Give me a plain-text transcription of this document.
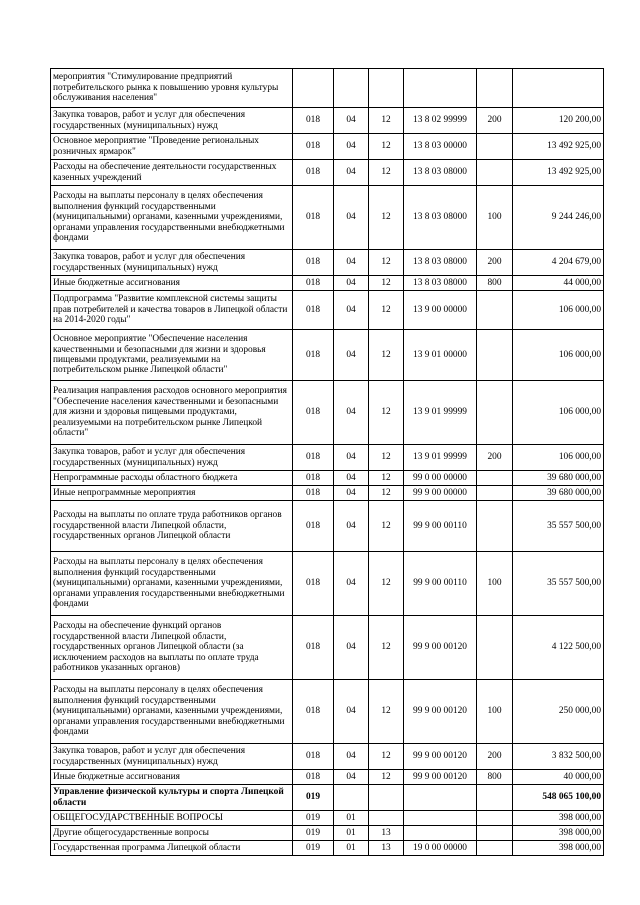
мероприятия "Стимулирование предприятий потребительского рынка к повышению уровня культуры обслуживания населения"						
Закупка товаров, работ и услуг для обеспечения государственных (муниципальных) нужд	018	04	12	13 8 02 99999	200	120 200,00
Основное мероприятие "Проведение региональных розничных ярмарок"	018	04	12	13 8 03 00000		13 492 925,00
Расходы на обеспечение деятельности государственных казенных учреждений	018	04	12	13 8 03 08000		13 492 925,00
Расходы на выплаты персоналу в целях обеспечения выполнения функций государственными (муниципальными) органами, казенными учреждениями, органами управления государственными внебюджетными фондами	018	04	12	13 8 03 08000	100	9 244 246,00
Закупка товаров, работ и услуг для обеспечения государственных (муниципальных) нужд	018	04	12	13 8 03 08000	200	4 204 679,00
Иные бюджетные ассигнования	018	04	12	13 8 03 08000	800	44 000,00
Подпрограмма "Развитие комплексной системы защиты прав потребителей и качества товаров в Липецкой области на 2014-2020 годы"	018	04	12	13 9 00 00000		106 000,00
Основное мероприятие "Обеспечение населения качественными и безопасными для жизни и здоровья пищевыми продуктами, реализуемыми на потребительском рынке Липецкой области"	018	04	12	13 9 01 00000		106 000,00
Реализация направления расходов основного мероприятия "Обеспечение населения качественными и безопасными для жизни и здоровья пищевыми продуктами, реализуемыми на потребительском рынке Липецкой области"	018	04	12	13 9 01 99999		106 000,00
Закупка товаров, работ и услуг для обеспечения государственных (муниципальных) нужд	018	04	12	13 9 01 99999	200	106 000,00
Непрограммные расходы областного бюджета	018	04	12	99 0 00 00000		39 680 000,00
Иные непрограммные мероприятия	018	04	12	99 9 00 00000		39 680 000,00
Расходы на выплаты по оплате труда работников органов государственной власти Липецкой области, государственных органов Липецкой области	018	04	12	99 9 00 00110		35 557 500,00
Расходы на выплаты персоналу в целях обеспечения выполнения функций государственными (муниципальными) органами, казенными учреждениями, органами управления государственными внебюджетными фондами	018	04	12	99 9 00 00110	100	35 557 500,00
Расходы на обеспечение функций органов государственной власти Липецкой области, государственных органов Липецкой области (за исключением расходов на выплаты по оплате труда работников указанных органов)	018	04	12	99 9 00 00120		4 122 500,00
Расходы на выплаты персоналу в целях обеспечения выполнения функций государственными (муниципальными) органами, казенными учреждениями, органами управления государственными внебюджетными фондами	018	04	12	99 9 00 00120	100	250 000,00
Закупка товаров, работ и услуг для обеспечения государственных (муниципальных) нужд	018	04	12	99 9 00 00120	200	3 832 500,00
Иные бюджетные ассигнования	018	04	12	99 9 00 00120	800	40 000,00
Управление физической культуры и спорта Липецкой области	019					548 065 100,00
ОБЩЕГОСУДАРСТВЕННЫЕ ВОПРОСЫ	019	01				398 000,00
Другие общегосударственные вопросы	019	01	13			398 000,00
Государственная программа Липецкой области	019	01	13	19 0 00 00000		398 000,00
